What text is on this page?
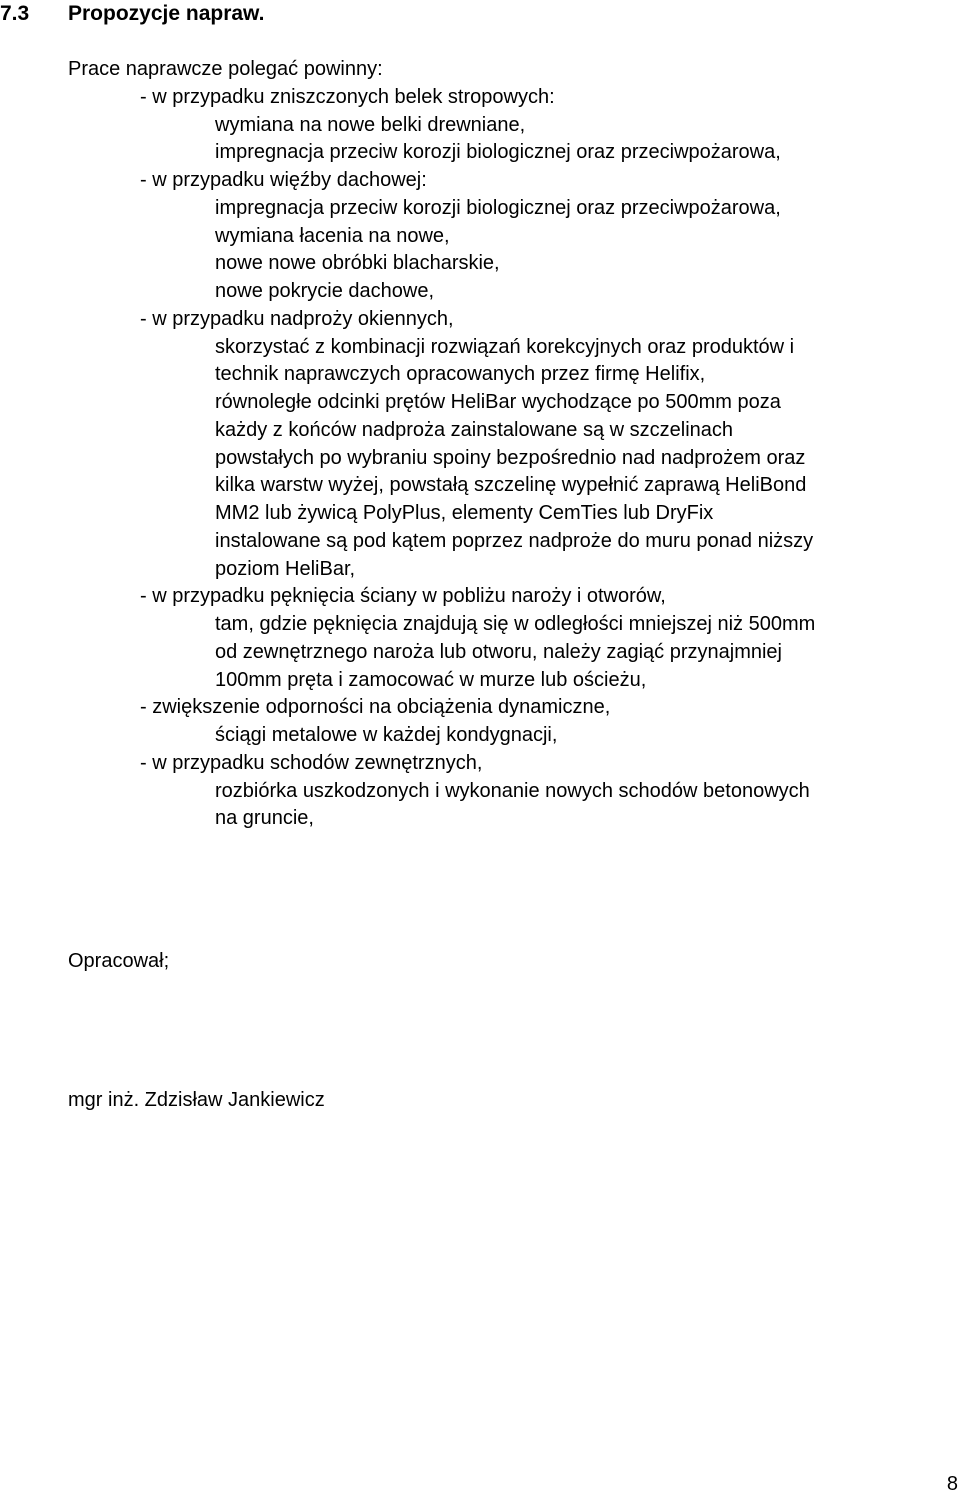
7.3 Propozycje napraw.
Prace naprawcze polegać powinny:
- w przypadku zniszczonych belek stropowych:
wymiana na nowe belki drewniane,
impregnacja przeciw korozji biologicznej oraz przeciwpożarowa,
- w przypadku więźby dachowej:
impregnacja przeciw korozji biologicznej oraz przeciwpożarowa,
wymiana łacenia na nowe,
nowe nowe obróbki blacharskie,
nowe pokrycie dachowe,
- w przypadku nadproży okiennych,
skorzystać z kombinacji rozwiązań korekcyjnych oraz produktów i
technik naprawczych opracowanych przez firmę Helifix,
równoległe odcinki prętów HeliBar wychodzące po 500mm poza
każdy z końców nadproża zainstalowane są w szczelinach
powstałych po wybraniu spoiny bezpośrednio nad nadprożem oraz
kilka warstw wyżej, powstałą szczelinę wypełnić zaprawą HeliBond
MM2 lub żywicą PolyPlus, elementy CemTies lub DryFix
instalowane są pod kątem poprzez nadproże do muru ponad niższy
poziom HeliBar,
- w przypadku pęknięcia ściany w pobliżu naroży i otworów,
tam, gdzie pęknięcia znajdują się w odległości mniejszej niż 500mm
od zewnętrznego naroża lub otworu, należy zagiąć przynajmniej
100mm pręta i zamocować w murze lub ościeżu,
- zwiększenie odporności na obciążenia dynamiczne,
ściągi metalowe w każdej kondygnacji,
- w przypadku schodów zewnętrznych,
rozbiórka uszkodzonych i wykonanie nowych schodów betonowych
na gruncie,
Opracował;
mgr inż. Zdzisław Jankiewicz
8
